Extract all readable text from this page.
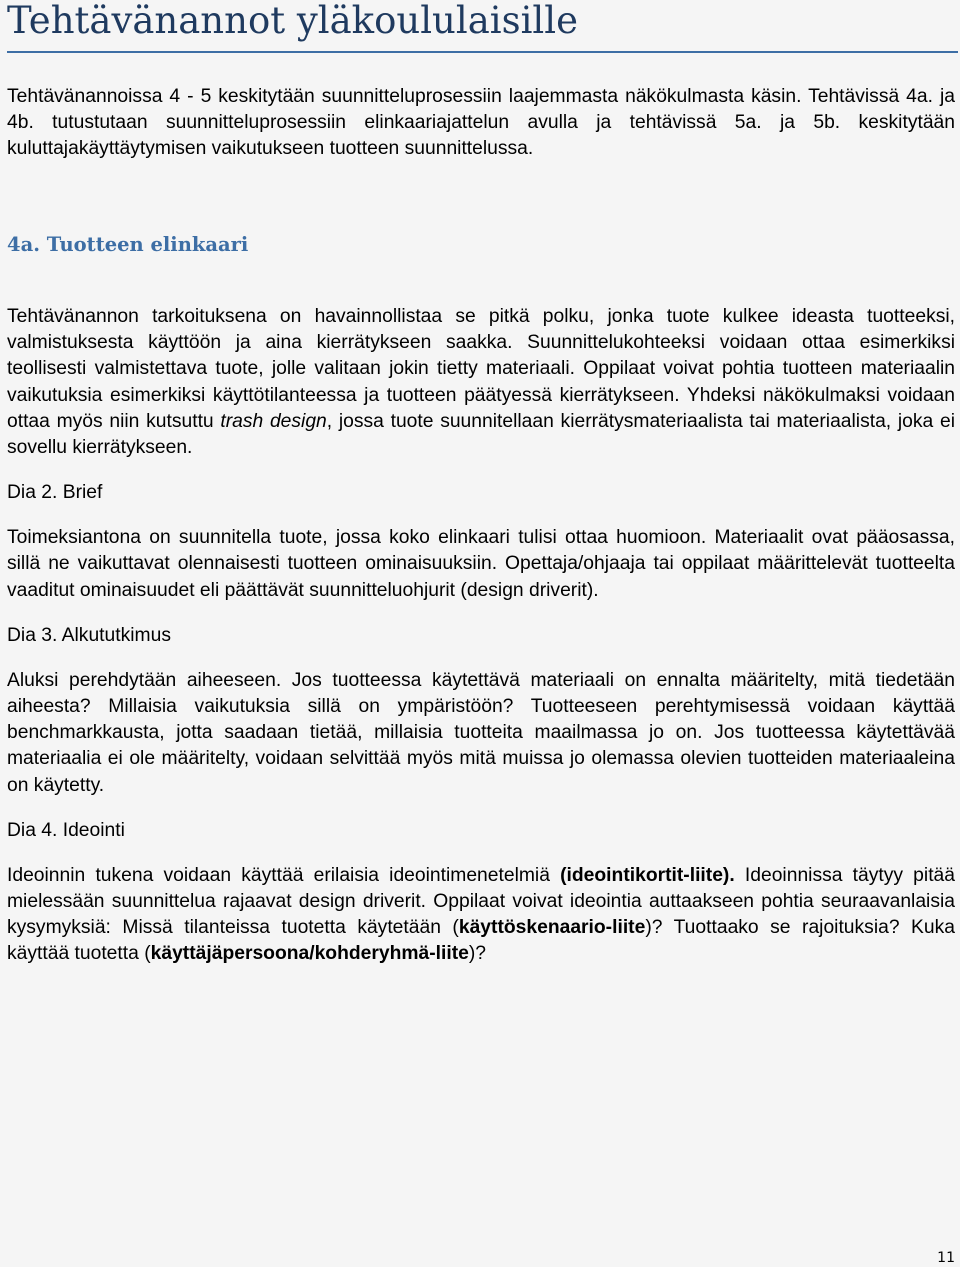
Tehtävänannot yläkoululaisille

Tehtävänannoissa 4 - 5 keskitytään suunnitteluprosessiin laajemmasta näkökulmasta käsin. Tehtävissä 4a. ja 4b. tutustutaan suunnitteluprosessiin elinkaariajattelun avulla ja tehtävissä 5a. ja 5b. keskitytään kuluttajakäyttäytymisen vaikutukseen tuotteen suunnittelussa.

4a. Tuotteen elinkaari

Tehtävänannon tarkoituksena on havainnollistaa se pitkä polku, jonka tuote kulkee ideasta tuotteeksi, valmistuksesta käyttöön ja aina kierrätykseen saakka. Suunnittelukohteeksi voidaan ottaa esimerkiksi teollisesti valmistettava tuote, jolle valitaan jokin tietty materiaali. Oppilaat voivat pohtia tuotteen materiaalin vaikutuksia esimerkiksi käyttötilanteessa ja tuotteen päätyessä kierrätykseen. Yhdeksi näkökulmaksi voidaan ottaa myös niin kutsuttu trash design, jossa tuote suunnitellaan kierrätysmateriaalista tai materiaalista, joka ei sovellu kierrätykseen.

Dia 2. Brief

Toimeksiantona on suunnitella tuote, jossa koko elinkaari tulisi ottaa huomioon. Materiaalit ovat pääosassa, sillä ne vaikuttavat olennaisesti tuotteen ominaisuuksiin. Opettaja/ohjaaja tai oppilaat määrittelevät tuotteelta vaaditut ominaisuudet eli päättävät suunnitteluohjurit (design driverit).

Dia 3. Alkututkimus

Aluksi perehdytään aiheeseen. Jos tuotteessa käytettävä materiaali on ennalta määritelty, mitä tiedetään aiheesta? Millaisia vaikutuksia sillä on ympäristöön? Tuotteeseen perehtymisessä voidaan käyttää benchmarkkausta, jotta saadaan tietää, millaisia tuotteita maailmassa jo on. Jos tuotteessa käytettävää materiaalia ei ole määritelty, voidaan selvittää myös mitä muissa jo olemassa olevien tuotteiden materiaaleina on käytetty.

Dia 4. Ideointi

Ideoinnin tukena voidaan käyttää erilaisia ideointimenetelmiä (ideointikortit-liite). Ideoinnissa täytyy pitää mielessään suunnittelua rajaavat design driverit. Oppilaat voivat ideointia auttaakseen pohtia seuraavanlaisia kysymyksiä: Missä tilanteissa tuotetta käytetään (käyttöskenaario-liite)? Tuottaako se rajoituksia? Kuka käyttää tuotetta (käyttäjäpersoona/kohderyhmä-liite)?

11
